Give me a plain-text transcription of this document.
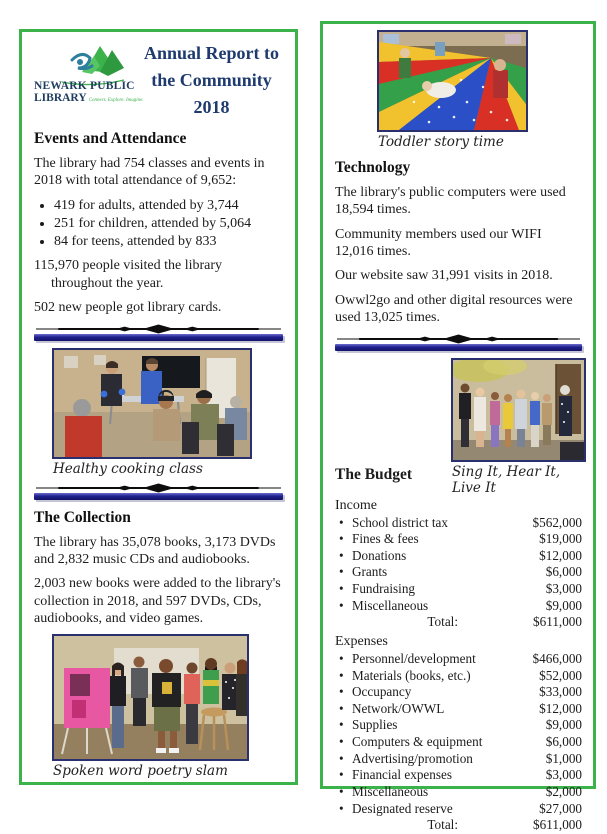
NEWARK PUBLIC
LIBRARY Connect. Explore. Imagine.
Annual Report to
the Community
2018
Events and Attendance

The library had 754 classes and events in 2018 with total attendance of 9,652:

• 419 for adults, attended by 3,744
• 251 for children, attended by 5,064
• 84 for teens, attended by 833

115,970 people visited the library throughout the year.

502 new people got library cards.

Healthy cooking class
The Collection

The library has 35,078 books, 3,173 DVDs and 2,832 music CDs and audiobooks.

2,003 new books were added to the library's collection in 2018, and 597 DVDs, CDs, audiobooks, and video games.

Spoken word poetry slam
Toddler story time
Technology

The library's public computers were used 18,594 times.

Community members used our WIFI 12,016 times.

Our website saw 31,991 visits in 2018.

Owwl2go and other digital resources were used 13,025 times.

The Budget	Sing It, Hear It, Live It
Income
• School district tax	$562,000
• Fines & fees	$19,000
• Donations	$12,000
• Grants	$6,000
• Fundraising	$3,000
• Miscellaneous	$9,000
Total:	$611,000
Expenses
• Personnel/development	$466,000
• Materials (books, etc.)	$52,000
• Occupancy	$33,000
• Network/OWWL	$12,000
• Supplies	$9,000
• Computers & equipment	$6,000
• Advertising/promotion	$1,000
• Financial expenses	$3,000
• Miscellaneous	$2,000
• Designated reserve	$27,000
Total:	$611,000
